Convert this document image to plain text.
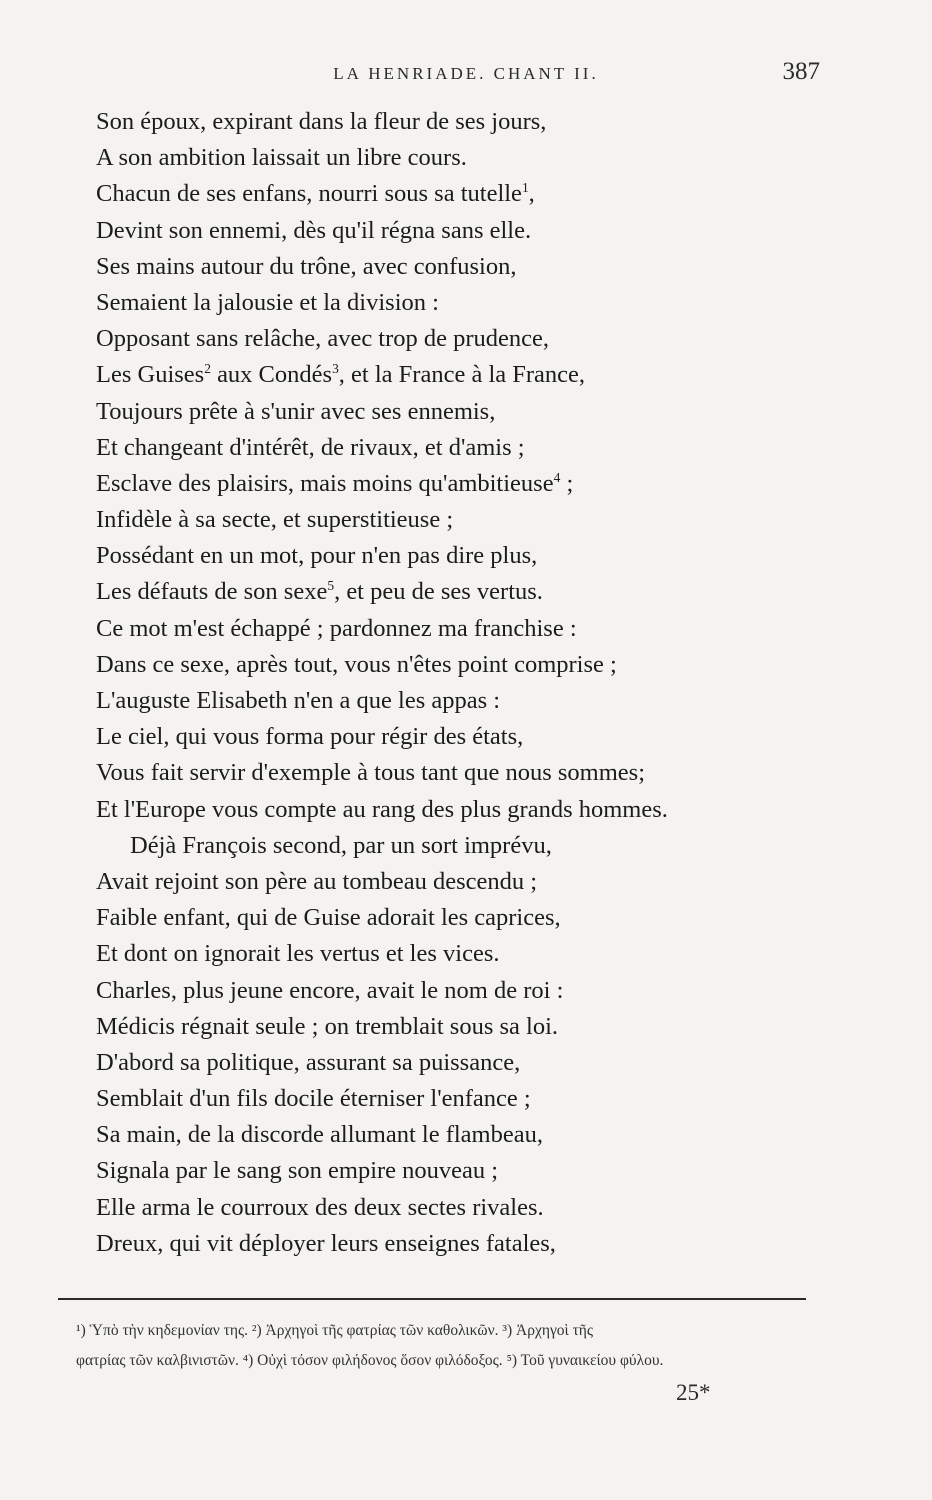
LA HENRIADE. CHANT II.	387
Son époux, expirant dans la fleur de ses jours,
A son ambition laissait un libre cours.
Chacun de ses enfans, nourri sous sa tutelle$^1$,
Devint son ennemi, dès qu'il régna sans elle.
Ses mains autour du trône, avec confusion,
Semaient la jalousie et la division :
Opposant sans relâche, avec trop de prudence,
Les Guises$^2$ aux Condés$^3$, et la France à la France,
Toujours prête à s'unir avec ses ennemis,
Et changeant d'intérêt, de rivaux, et d'amis ;
Esclave des plaisirs, mais moins qu'ambitieuse$^4$ ;
Infidèle à sa secte, et superstitieuse ;
Possédant en un mot, pour n'en pas dire plus,
Les défauts de son sexe$^5$, et peu de ses vertus.
Ce mot m'est échappé ; pardonnez ma franchise :
Dans ce sexe, après tout, vous n'êtes point comprise ;
L'auguste Elisabeth n'en a que les appas :
Le ciel, qui vous forma pour régir des états,
Vous fait servir d'exemple à tous tant que nous sommes;
Et l'Europe vous compte au rang des plus grands hommes.
Déjà François second, par un sort imprévu,
Avait rejoint son père au tombeau descendu ;
Faible enfant, qui de Guise adorait les caprices,
Et dont on ignorait les vertus et les vices.
Charles, plus jeune encore, avait le nom de roi :
Médicis régnait seule ; on tremblait sous sa loi.
D'abord sa politique, assurant sa puissance,
Semblait d'un fils docile éterniser l'enfance ;
Sa main, de la discorde allumant le flambeau,
Signala par le sang son empire nouveau ;
Elle arma le courroux des deux sectes rivales.
Dreux, qui vit déployer leurs enseignes fatales,
¹) Ὑπὸ τὴν κηδεμονίαν της. ²) Ἀρχηγοὶ τῆς φατρίας τῶν καθολικῶν. ³) Ἀρχηγοὶ τῆς
φατρίας τῶν καλβινιστῶν. ⁴) Οὐχὶ τόσον φιλήδονος ὅσον φιλόδοξος. ⁵) Τοῦ γυναικείου φύλου.
25*
